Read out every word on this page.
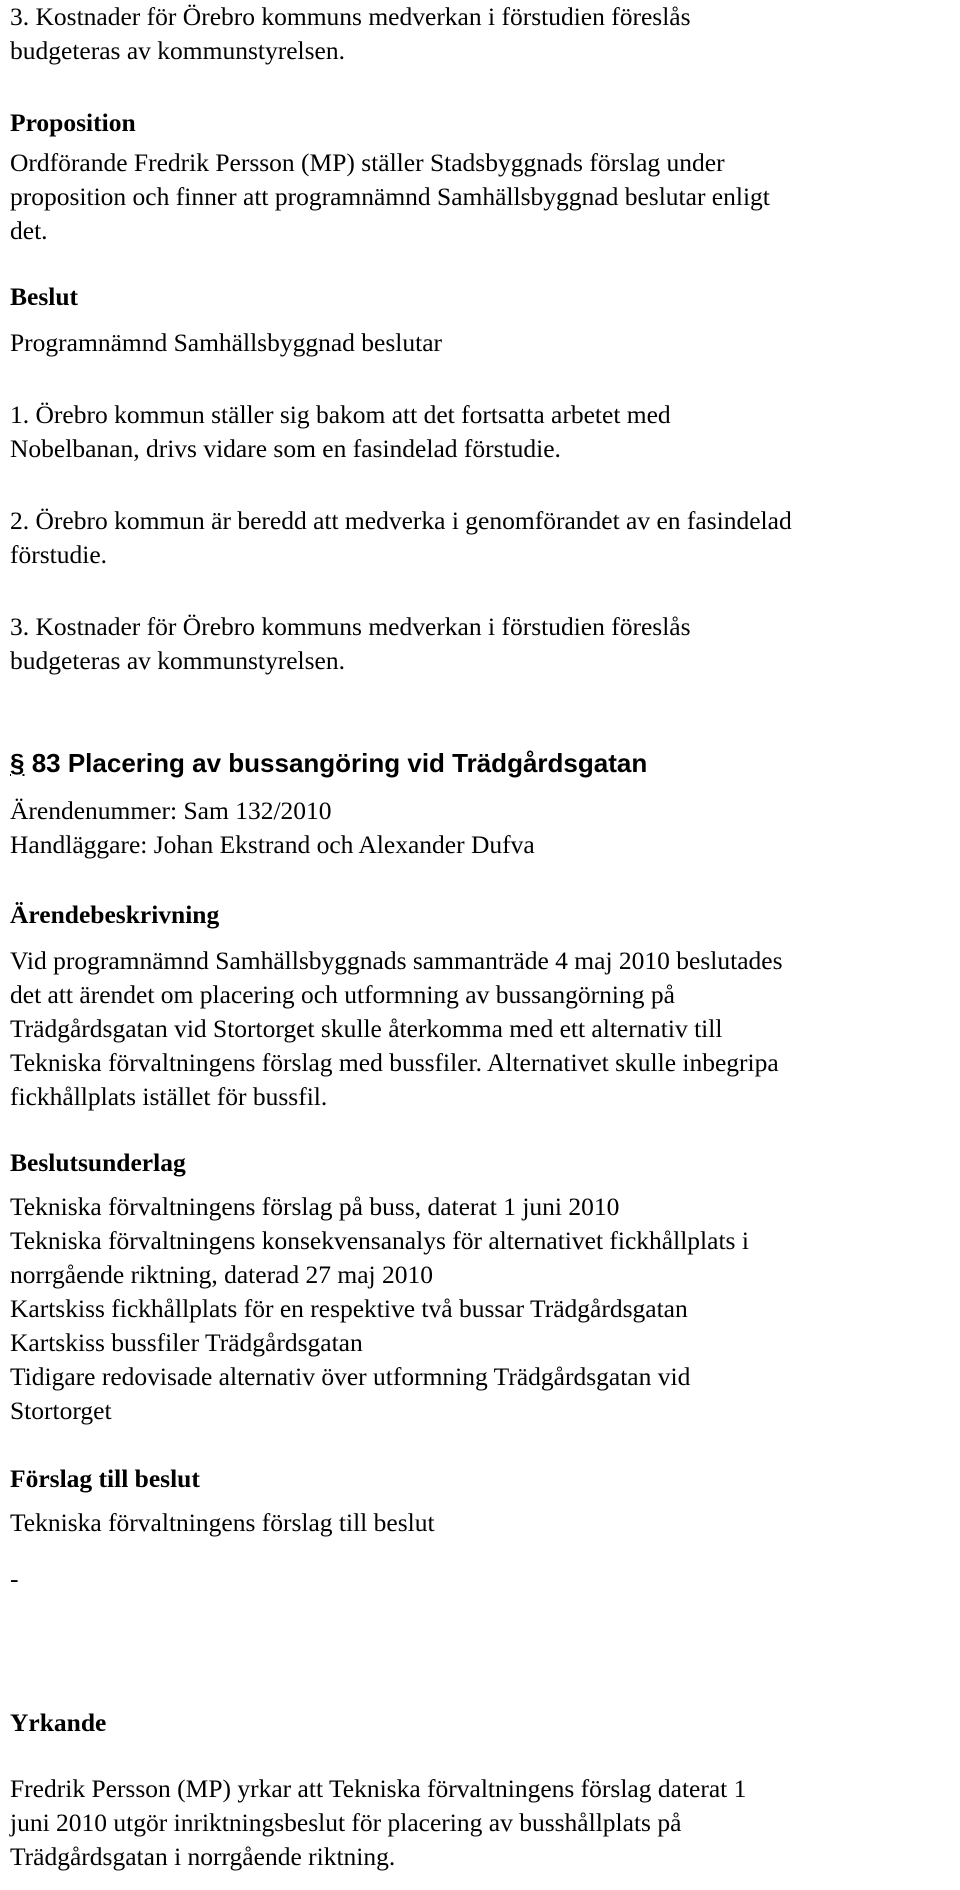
3. Kostnader för Örebro kommuns medverkan i förstudien föreslås

budgeteras av kommunstyrelsen.

Proposition

Ordförande Fredrik Persson (MP) ställer Stadsbyggnads förslag under

proposition och finner att programnämnd Samhällsbyggnad beslutar enligt

det.

Beslut

Programnämnd Samhällsbyggnad beslutar

1. Örebro kommun ställer sig bakom att det fortsatta arbetet med

Nobelbanan, drivs vidare som en fasindelad förstudie.

2. Örebro kommun är beredd att medverka i genomförandet av en fasindelad

förstudie.

3. Kostnader för Örebro kommuns medverkan i förstudien föreslås

budgeteras av kommunstyrelsen.

§ 83 Placering av bussangöring vid Trädgårdsgatan

Ärendenummer: Sam 132/2010

Handläggare: Johan Ekstrand och Alexander Dufva

Ärendebeskrivning

Vid programnämnd Samhällsbyggnads sammanträde 4 maj 2010 beslutades

det att ärendet om placering och utformning av bussangörning på

Trädgårdsgatan vid Stortorget skulle återkomma med ett alternativ till

Tekniska förvaltningens förslag med bussfiler. Alternativet skulle inbegripa

fickhållplats istället för bussfil.

Beslutsunderlag

Tekniska förvaltningens förslag på buss, daterat 1 juni 2010

Tekniska förvaltningens konsekvensanalys för alternativet fickhållplats i

norrgående riktning, daterad 27 maj 2010

Kartskiss fickhållplats för en respektive två bussar Trädgårdsgatan

Kartskiss bussfiler Trädgårdsgatan

Tidigare redovisade alternativ över utformning Trädgårdsgatan vid

Stortorget

Förslag till beslut

Tekniska förvaltningens förslag till beslut

-

Yrkande

Fredrik Persson (MP) yrkar att Tekniska förvaltningens förslag daterat 1

juni 2010 utgör inriktningsbeslut för placering av busshållplats på

Trädgårdsgatan i norrgående riktning.
